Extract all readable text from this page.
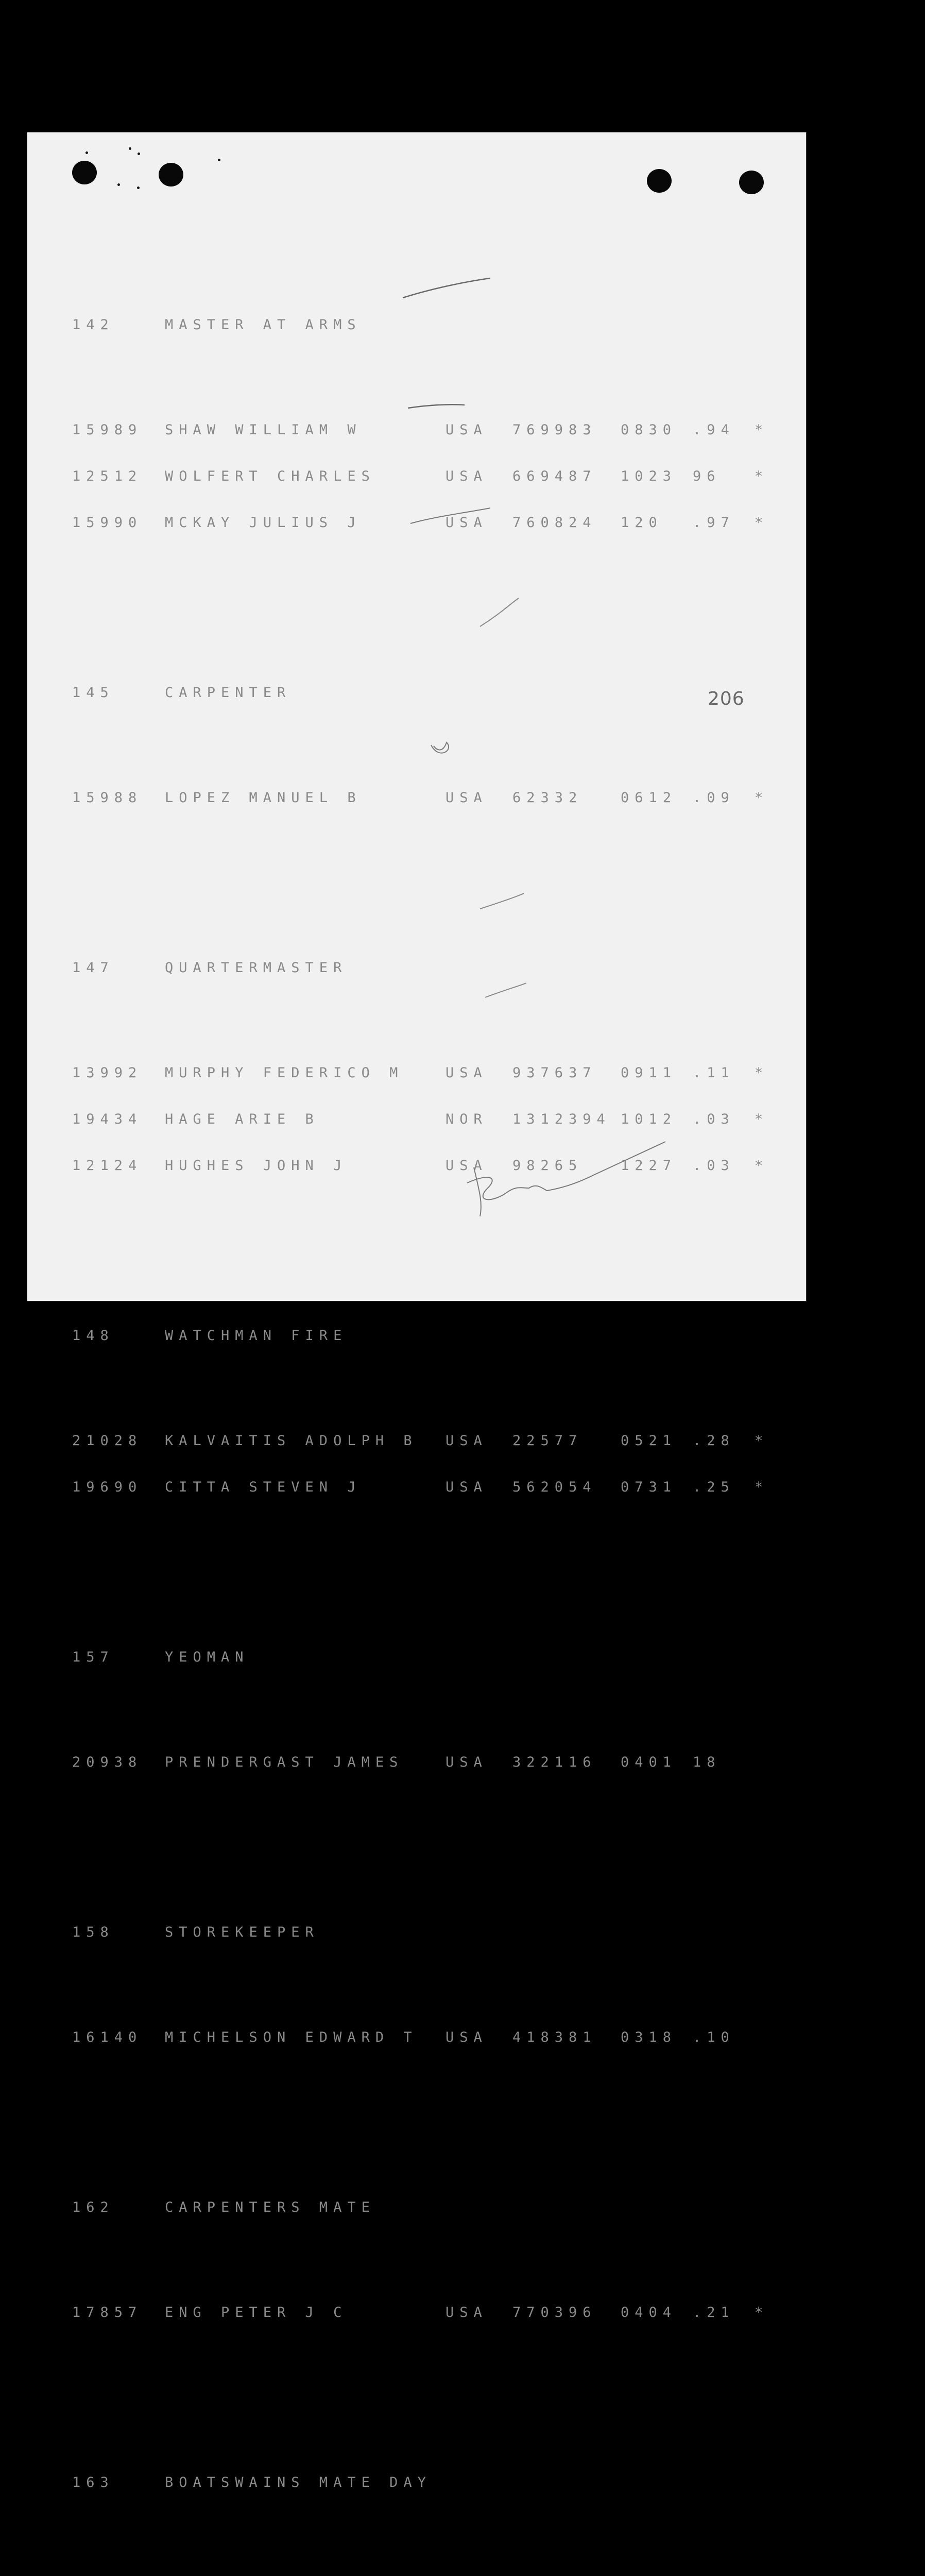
142	MASTER AT ARMS

15989	SHAW WILLIAM W	USA	769983	0830	.94	*

12512	WOLFERT CHARLES	USA	669487	1023	96	*

15990	MCKAY JULIUS J	USA	760824	120	.97	*

145	CARPENTER

15988	LOPEZ MANUEL B	USA	62332	0612	.09	*

147	QUARTERMASTER

13992	MURPHY FEDERICO M	USA	937637	0911	.11	*

19434	HAGE ARIE B	NOR	1312394 1012	.03	*

12124	HUGHES JOHN J	USA	98265	1227	.03	*

148	WATCHMAN FIRE

21028	KALVAITIS ADOLPH B	USA	22577	0521	.28	*

19690	CITTA STEVEN J	USA	562054	0731	.25	*

157	YEOMAN

20938	PRENDERGAST JAMES	USA	322116	0401	18

158	STOREKEEPER

16140	MICHELSON EDWARD T	USA	418381	0318	.10

162	CARPENTERS MATE

17857	ENG PETER J C	USA	770396	0404	.21	*

163	BOATSWAINS MATE DAY

206
